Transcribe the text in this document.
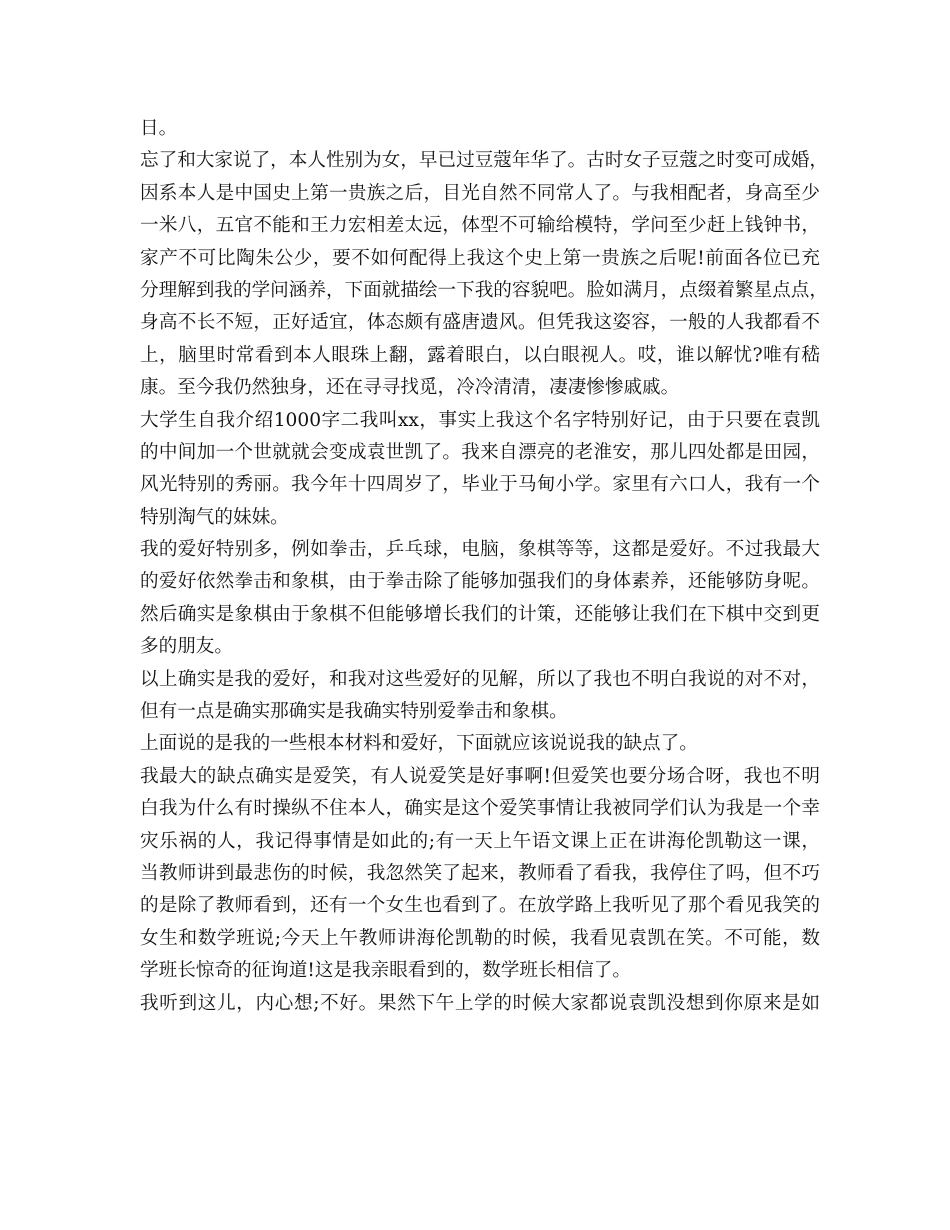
日。
忘了和大家说了，本人性别为女，早已过豆蔻年华了。古时女子豆蔻之时变可成婚，
因系本人是中国史上第一贵族之后，目光自然不同常人了。与我相配者，身高至少
一米八，五官不能和王力宏相差太远，体型不可输给模特，学问至少赶上钱钟书，
家产不可比陶朱公少，要不如何配得上我这个史上第一贵族之后呢!前面各位已充
分理解到我的学问涵养，下面就描绘一下我的容貌吧。脸如满月，点缀着繁星点点，
身高不长不短，正好适宜，体态颇有盛唐遗风。但凭我这姿容，一般的人我都看不
上，脑里时常看到本人眼珠上翻，露着眼白，以白眼视人。哎，谁以解忧?唯有嵇
康。至今我仍然独身，还在寻寻找觅，冷冷清清，凄凄惨惨戚戚。
大学生自我介绍1000字二我叫xx，事实上我这个名字特别好记，由于只要在袁凯
的中间加一个世就就会变成袁世凯了。我来自漂亮的老淮安，那儿四处都是田园，
风光特别的秀丽。我今年十四周岁了，毕业于马甸小学。家里有六口人，我有一个
特别淘气的妹妹。
我的爱好特别多，例如拳击，乒乓球，电脑，象棋等等，这都是爱好。不过我最大
的爱好依然拳击和象棋，由于拳击除了能够加强我们的身体素养，还能够防身呢。
然后确实是象棋由于象棋不但能够增长我们的计策，还能够让我们在下棋中交到更
多的朋友。
以上确实是我的爱好，和我对这些爱好的见解，所以了我也不明白我说的对不对，
但有一点是确实那确实是我确实特别爱拳击和象棋。
上面说的是我的一些根本材料和爱好，下面就应该说说我的缺点了。
我最大的缺点确实是爱笑，有人说爱笑是好事啊!但爱笑也要分场合呀，我也不明
白我为什么有时操纵不住本人，确实是这个爱笑事情让我被同学们认为我是一个幸
灾乐祸的人，我记得事情是如此的;有一天上午语文课上正在讲海伦凯勒这一课，
当教师讲到最悲伤的时候，我忽然笑了起来，教师看了看我，我停住了吗，但不巧
的是除了教师看到，还有一个女生也看到了。在放学路上我听见了那个看见我笑的
女生和数学班说;今天上午教师讲海伦凯勒的时候，我看见袁凯在笑。不可能，数
学班长惊奇的征询道!这是我亲眼看到的，数学班长相信了。
我听到这儿，内心想;不好。果然下午上学的时候大家都说袁凯没想到你原来是如
